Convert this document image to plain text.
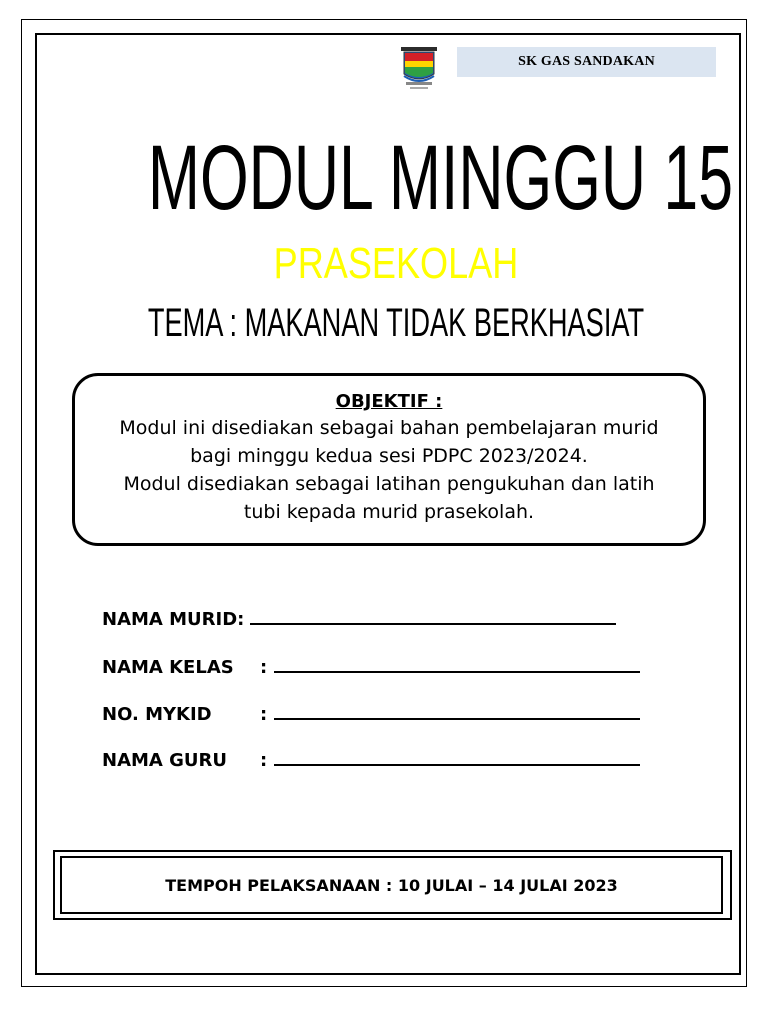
SK GAS SANDAKAN
MODUL MINGGU 15
PRASEKOLAH
TEMA : MAKANAN TIDAK BERKHASIAT
OBJEKTIF :
Modul ini disediakan sebagai bahan pembelajaran murid
bagi minggu kedua sesi PDPC 2023/2024.
Modul disediakan sebagai latihan pengukuhan dan latih
tubi kepada murid prasekolah.
NAMA MURID :
NAMA KELAS	:
NO. MYKID	:
NAMA GURU	:
TEMPOH PELAKSANAAN : 10 JULAI – 14 JULAI 2023
